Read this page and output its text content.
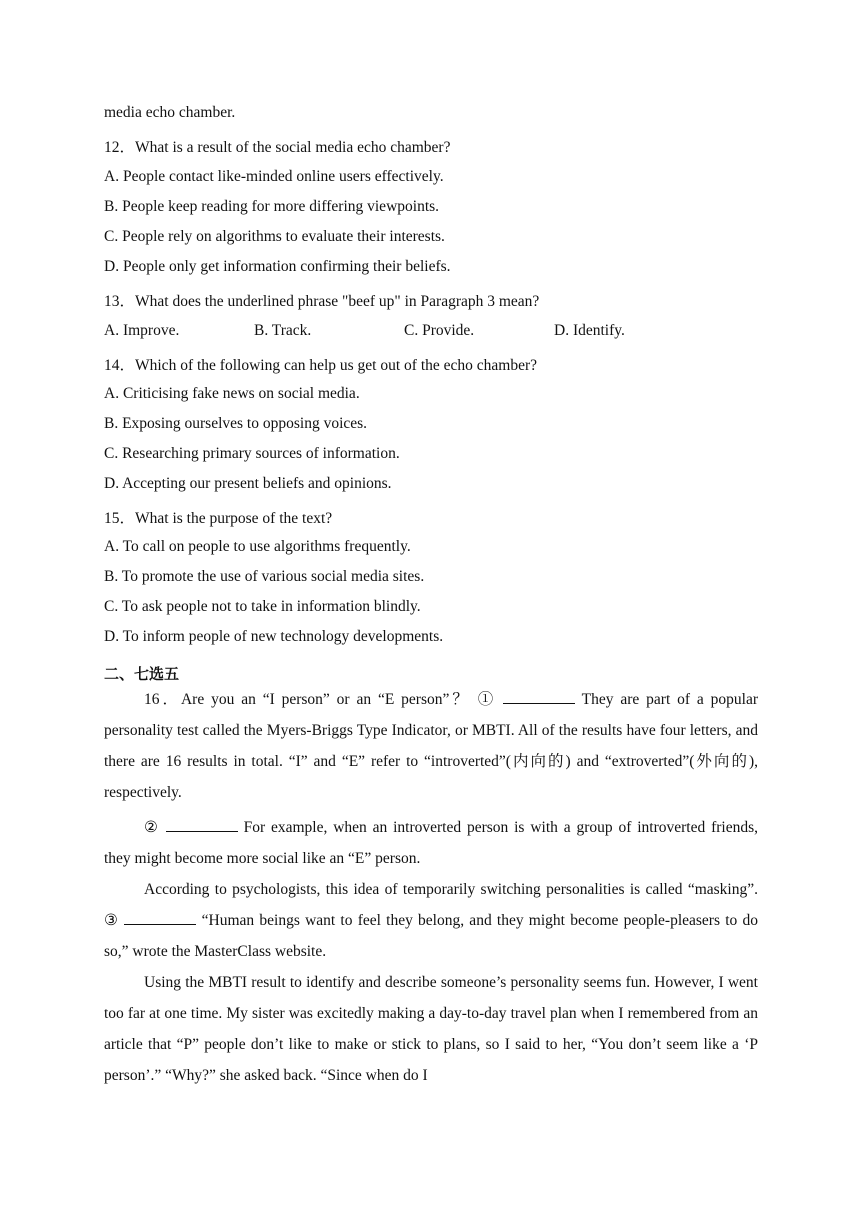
media echo chamber.
12．What is a result of the social media echo chamber?
A. People contact like-minded online users effectively.
B. People keep reading for more differing viewpoints.
C. People rely on algorithms to evaluate their interests.
D. People only get information confirming their beliefs.
13．What does the underlined phrase "beef up" in Paragraph 3 mean?
A. Improve.	B. Track.	C. Provide.	D. Identify.
14．Which of the following can help us get out of the echo chamber?
A. Criticising fake news on social media.
B. Exposing ourselves to opposing voices.
C. Researching primary sources of information.
D. Accepting our present beliefs and opinions.
15．What is the purpose of the text?
A. To call on people to use algorithms frequently.
B. To promote the use of various social media sites.
C. To ask people not to take in information blindly.
D. To inform people of new technology developments.
二、七选五

16．Are you an “I person” or an “E person”？ ①	They are part of a popular personality test called the Myers-Briggs Type Indicator, or MBTI. All of the results have four letters, and there are 16 results in total. “I” and “E” refer to “introverted”(内向的) and “extroverted”(外向的), respectively.

②	For example, when an introverted person is with a group of introverted friends, they might become more social like an “E” person.

According to psychologists, this idea of temporarily switching personalities is called “masking”. ③	“Human beings want to feel they belong, and they might become people-pleasers to do so,” wrote the MasterClass website.

Using the MBTI result to identify and describe someone’s personality seems fun. However, I went too far at one time. My sister was excitedly making a day-to-day travel plan when I remembered from an article that “P” people don’t like to make or stick to plans, so I said to her, “You don’t seem like a ‘P person’.” “Why?” she asked back. “Since when do I
